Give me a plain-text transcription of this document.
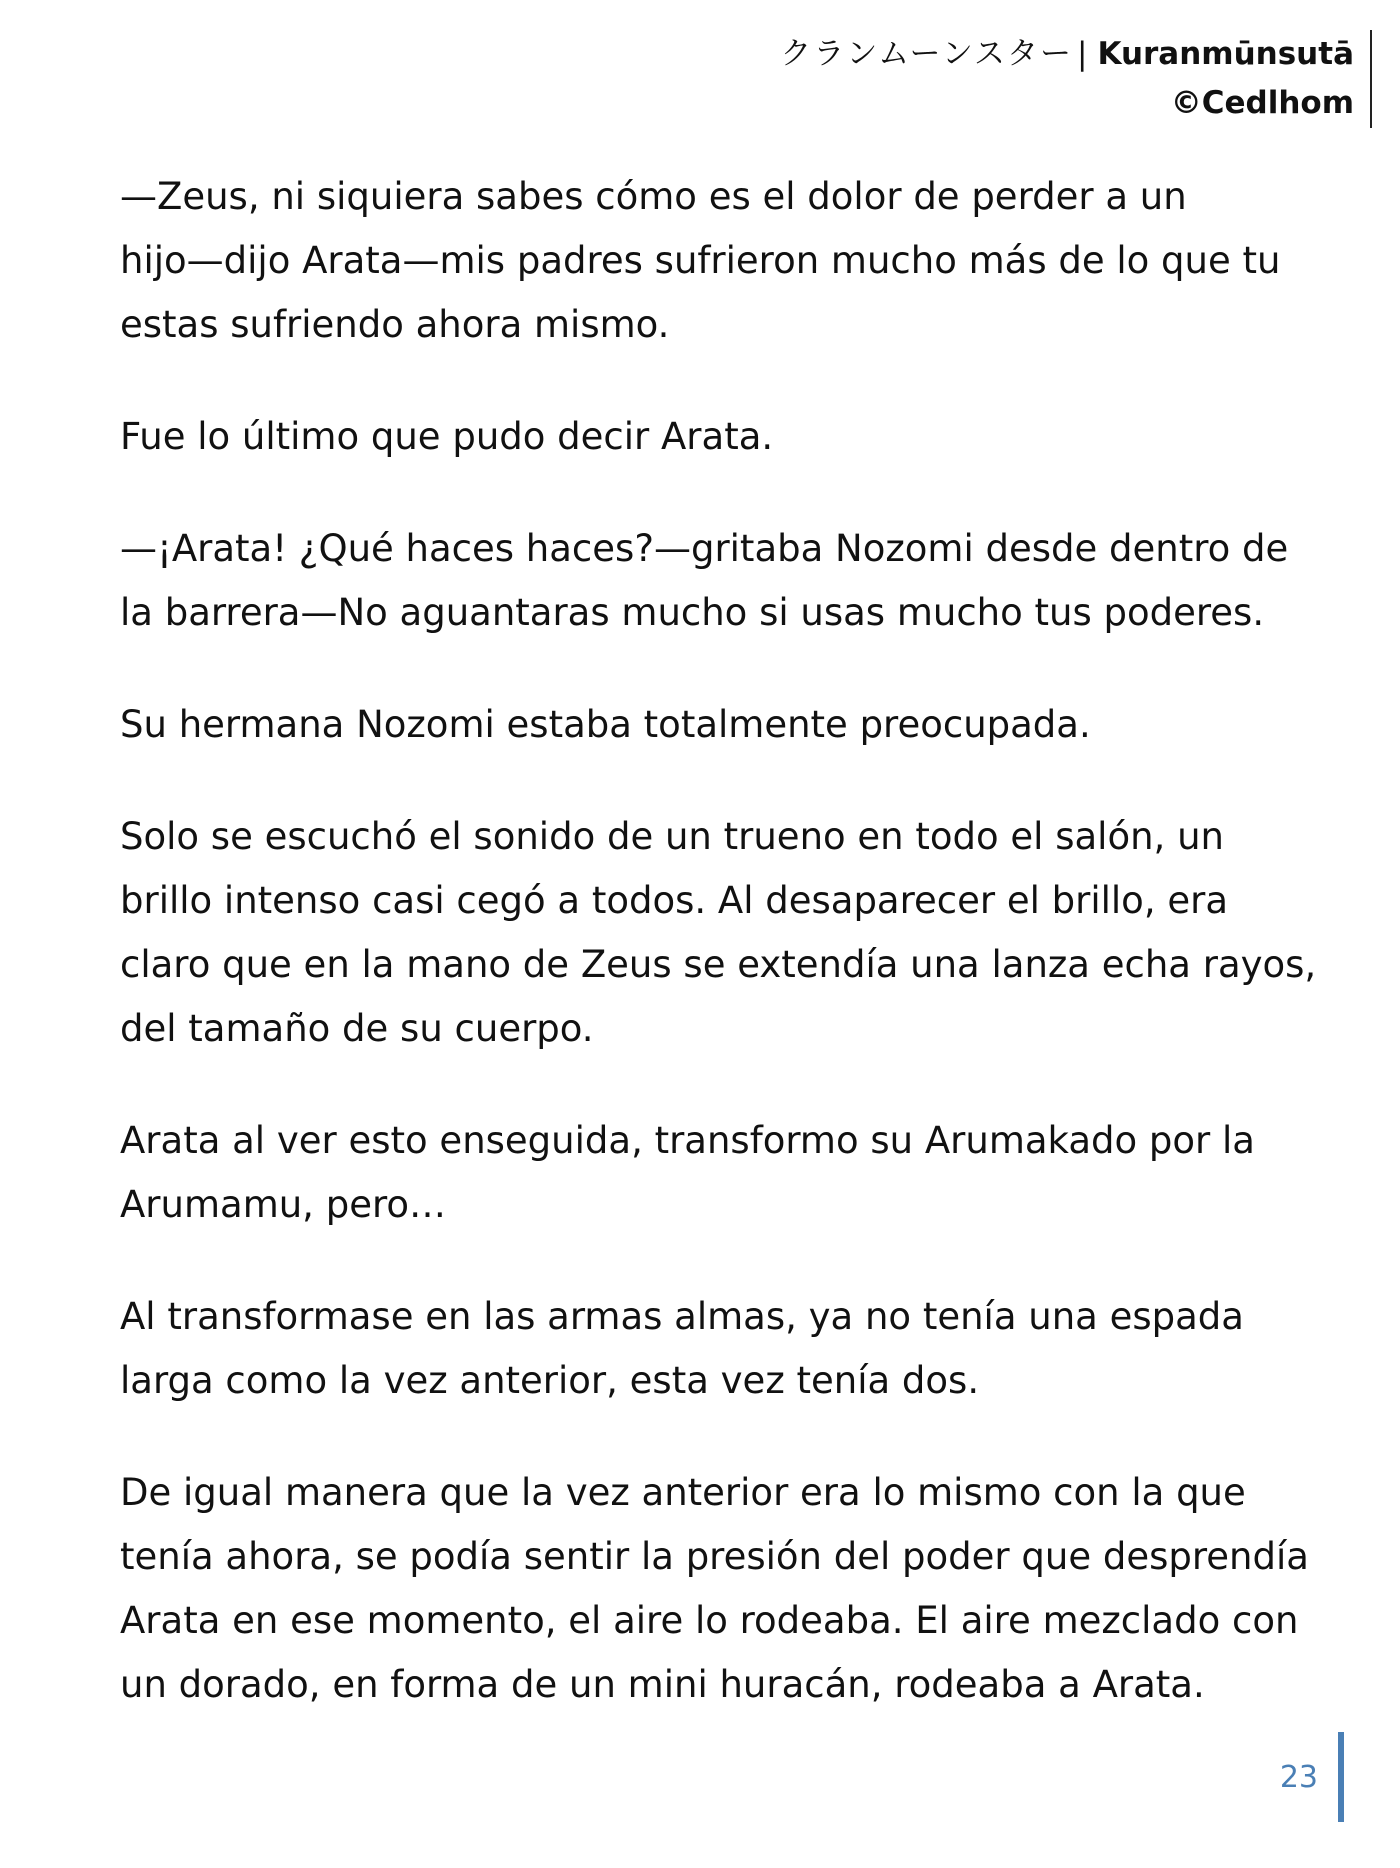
クランムーンスター | Kuranmūnsutā
©Cedlhom

—Zeus, ni siquiera sabes cómo es el dolor de perder a un
hijo—dijo Arata—mis padres sufrieron mucho más de lo que tu
estas sufriendo ahora mismo.

Fue lo último que pudo decir Arata.

—¡Arata! ¿Qué haces haces?—gritaba Nozomi desde dentro de
la barrera—No aguantaras mucho si usas mucho tus poderes.

Su hermana Nozomi estaba totalmente preocupada.

Solo se escuchó el sonido de un trueno en todo el salón, un
brillo intenso casi cegó a todos. Al desaparecer el brillo, era
claro que en la mano de Zeus se extendía una lanza echa rayos,
del tamaño de su cuerpo.

Arata al ver esto enseguida, transformo su Arumakado por la
Arumamu, pero…

Al transformase en las armas almas, ya no tenía una espada
larga como la vez anterior, esta vez tenía dos.

De igual manera que la vez anterior era lo mismo con la que
tenía ahora, se podía sentir la presión del poder que desprendía
Arata en ese momento, el aire lo rodeaba. El aire mezclado con
un dorado, en forma de un mini huracán, rodeaba a Arata.

23
